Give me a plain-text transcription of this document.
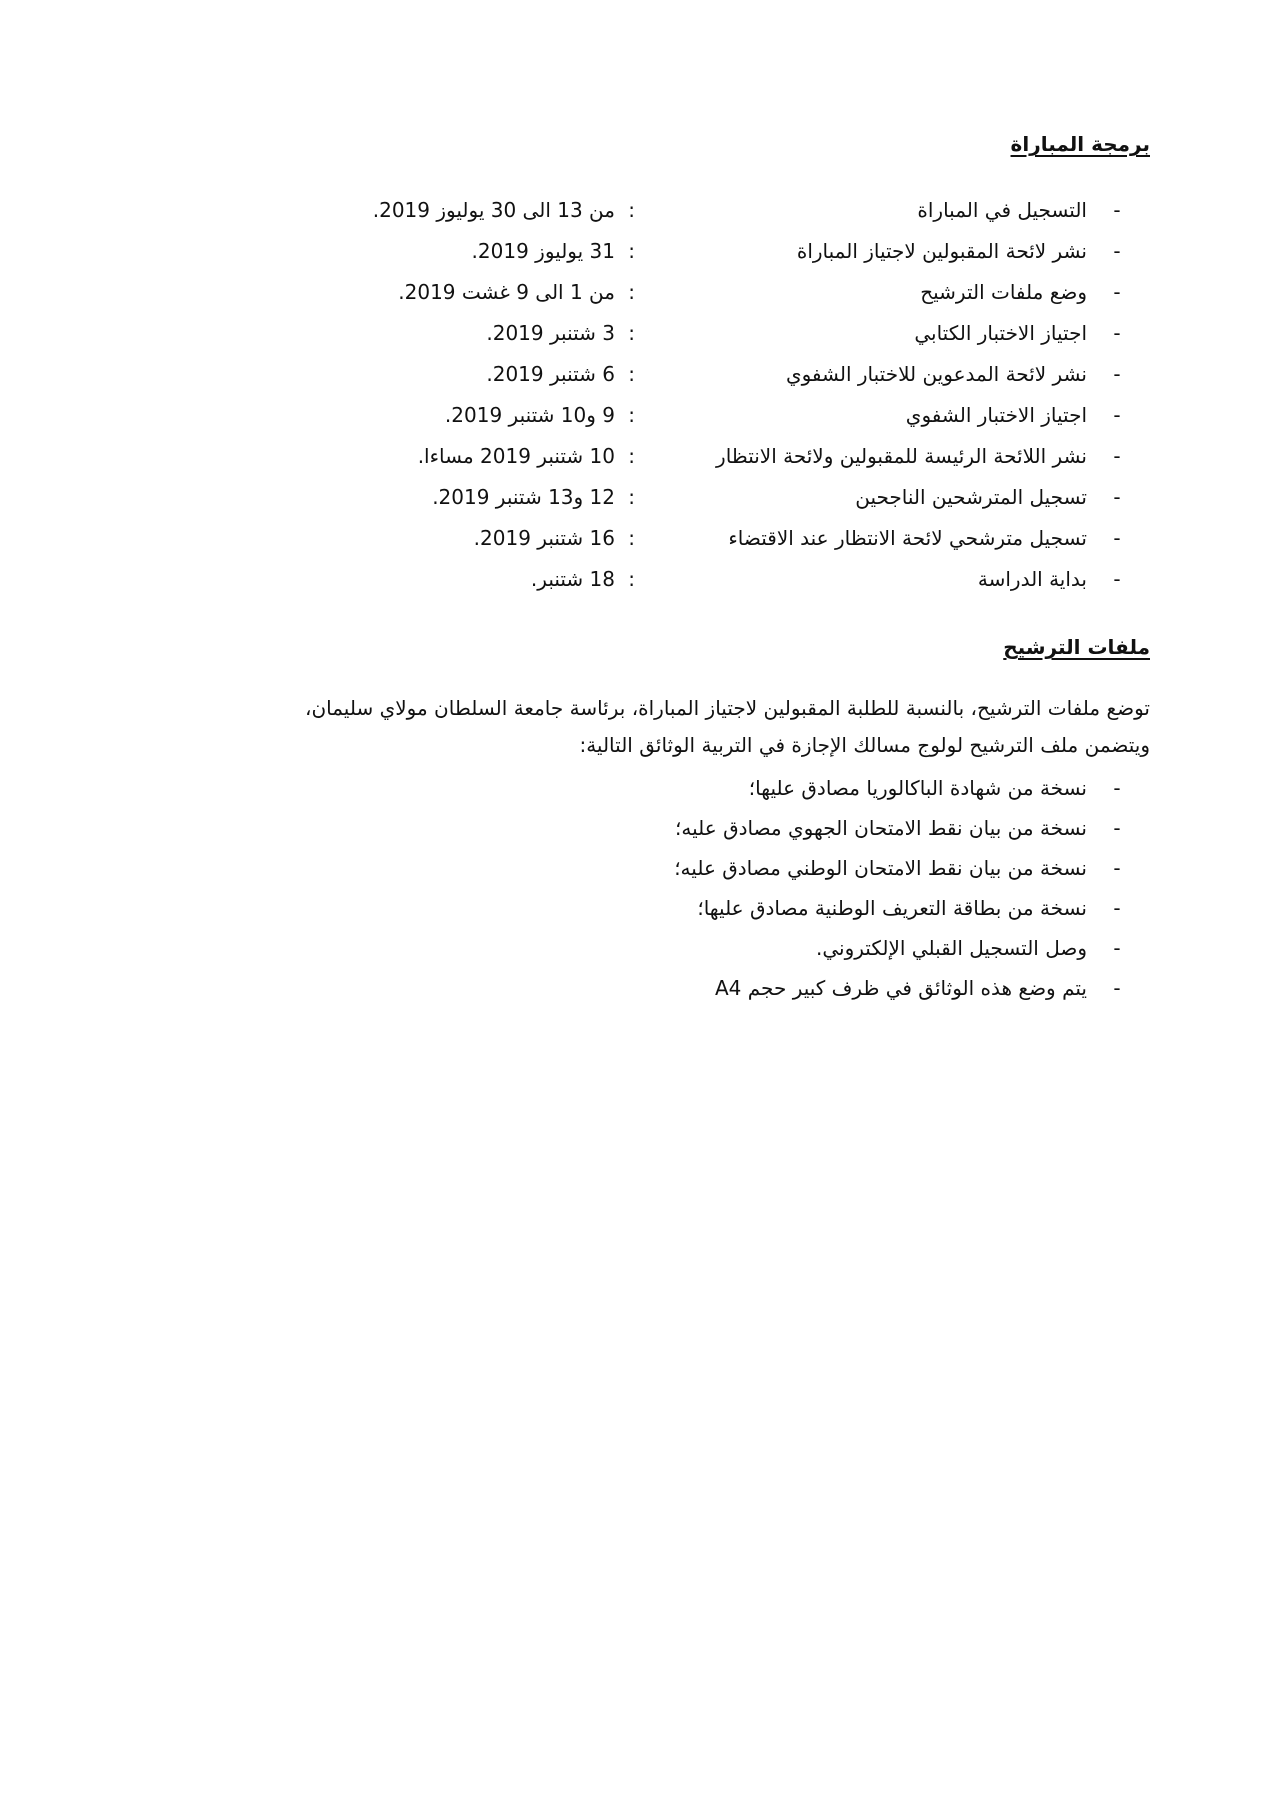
برمجة المباراة
-
التسجيل في المباراة
:
من 13 الى 30 يوليوز 2019.
-
نشر لائحة المقبولين لاجتياز المباراة
:
31 يوليوز 2019.
-
وضع ملفات الترشيح
:
من 1 الى 9 غشت 2019.
-
اجتياز الاختبار الكتابي
:
3 شتنبر 2019.
-
نشر لائحة المدعوين للاختبار الشفوي
:
6 شتنبر 2019.
-
اجتياز الاختبار الشفوي
:
9 و10 شتنبر 2019.
-
نشر اللائحة الرئيسة للمقبولين ولائحة الانتظار
:
10 شتنبر 2019 مساءا.
-
تسجيل المترشحين الناجحين
:
12 و13 شتنبر 2019.
-
تسجيل مترشحي لائحة الانتظار عند الاقتضاء
:
16 شتنبر 2019.
-
بداية الدراسة
:
18 شتنبر.
ملفات الترشيح

توضع ملفات الترشيح، بالنسبة للطلبة المقبولين لاجتياز المباراة، برئاسة جامعة السلطان مولاي سليمان،
ويتضمن ملف الترشيح لولوج مسالك الإجازة في التربية الوثائق التالية:

-
نسخة من شهادة الباكالوريا مصادق عليها؛
-
نسخة من بيان نقط الامتحان الجهوي مصادق عليه؛
-
نسخة من بيان نقط الامتحان الوطني مصادق عليه؛
-
نسخة من بطاقة التعريف الوطنية مصادق عليها؛
-
وصل التسجيل القبلي الإلكتروني.
-
يتم وضع هذه الوثائق في ظرف كبير حجم A4
